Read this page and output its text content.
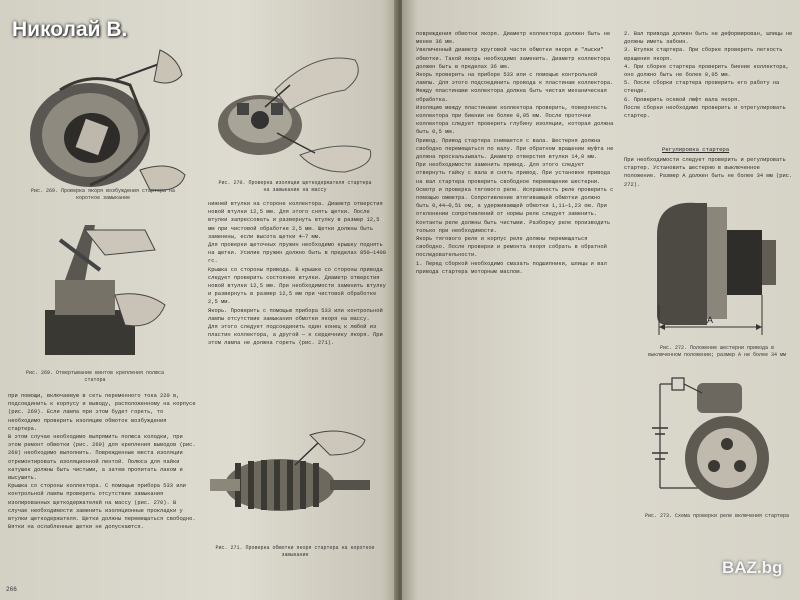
Рис. 269. Проверка якоря возбуждения стартера на короткое замыкание
Рис. 270. Проверка изоляции щеткодержателя стартера на замыкание на массу
Рис. 269. Отвертывание винтов крепления полюса статора
Рис. 271. Проверка обмотки якоря стартера на короткое замыкание
при помощи, включаемую в сеть переменного тока 220 в, подсоединить к корпусу и выводу, расположенному на корпусе (рис. 269). Если лампа при этом будет гореть, то необходимо проверить изоляцию обмоток возбуждения стартера.
В этом случае необходимо выпрямить полюса колодки, при этом ремонт обмотки (рис. 269) для крепления выводов (рис. 269) необходимо выполнить. Поврежденные места изоляции отремонтировать изоляционной лентой. Полюса для пайки катушек должны быть чистыми, а затем пропитать лаком и высушить.
Крышка со стороны коллектора. С помощью прибора 533 или контрольной лампы проверить отсутствие замыкания изолированных щеткодержателей на массу (рис. 270). В случае необходимости заменить изоляционные прокладки у втулки щеткодержателя. Щетки должны перемещаться свободно. Вятки на ослабленные щетки не допускаются.
нижней втулки на стороне коллектора. Диаметр отверстия новой втулки 12,5 мм. Для этого снять щетки. После втулки запрессовать и развернуть втулку в размер 12,5 мм при чистовой обработке 2,5 мм. Щетки должны быть заменены, если высота щетки 4—7 мм.
Для проверки щеточных пружин необходимо крышку поднять на щетки. Усилие пружин должно быть в пределах 850—1400 гс.
Крышка со стороны привода. В крышке со стороны привода следует проверить состояние втулки. Диаметр отверстия новой втулки 12,5 мм. При необходимости заменить втулку и развернуть в размер 12,5 мм при чистовой обработке 2,5 мм.
Якорь. Проверить с помощью прибора 533 или контрольной лампы отсутствие замыкания обмотки якоря на массу.
Для этого следует подсоединить один конец к любой из пластин коллектора, а другой — к сердечнику якоря. При этом лампа не должна гореть (рис. 271).
266
повреждения обмотки якоря. Диаметр коллектора должен быть не менее 36 мм.
Увеличенный диаметр круговой части обмотки якоря и "лыски" обмотки. Такой якорь необходимо заменить. Диаметр коллектора должен быть в пределах 36 мм.
Якорь проверить на приборе 533 или с помощью контрольной лампы. Для этого подсоединить провода к пластинам коллектора.
Между пластинами коллектора должна быть чистая механическая обработка.
Изоляцию между пластинами коллектора проверить, поверхность коллектора при биении не более 0,05 мм. После проточки коллектора следует проверить глубину изоляции, которая должна быть 0,5 мм.
Привод. Привод стартера снимается с вала. Шестерня должна свободно перемещаться по валу. При обратном вращении муфта не должна проскальзывать. Диаметр отверстия втулки 14,0 мм.
При необходимости заменить привод. Для этого следует отвернуть гайку с вала и снять привод. При установке привода на вал стартера проверить свободное перемещение шестерни.
Осмотр и проверка тягового реле. Исправность реле проверить с помощью омметра. Сопротивление втягивающей обмотки должно быть 0,44—0,51 ом, а удерживающей обмотки 1,11—1,23 ом. При отклонении сопротивлений от нормы реле следует заменить.
Контакты реле должны быть чистыми. Разборку реле производить только при необходимости.
Якорь тягового реле и корпус реле должны перемещаться свободно. После проверки и ремонта якоря собрать в обратной последовательности.
1. Перед сборкой необходимо смазать подшипники, шлицы и вал привода стартера моторным маслом.
2. Вал привода должен быть не деформирован, шлицы не должны иметь забоин.
3. Втулки стартера. При сборке проверить легкость вращения якоря.
4. При сборке стартера проверить биение коллектора, оно должно быть не более 0,05 мм.
5. После сборки стартера проверить его работу на стенде.
6. Проверить осевой люфт вала якоря.
После сборки необходимо проверить и отрегулировать стартер.
Регулировка стартера
При необходимости следует проверить и регулировать стартер. Установить шестерню в выключенное положение. Размер А должен быть не более 34 мм (рис. 272).
A
Рис. 272. Положение шестерни привода в выключенном положении; размер А не более 34 мм
Рис. 273. Схема проверки реле включения стартера
Николай В.
BAZ.bg
